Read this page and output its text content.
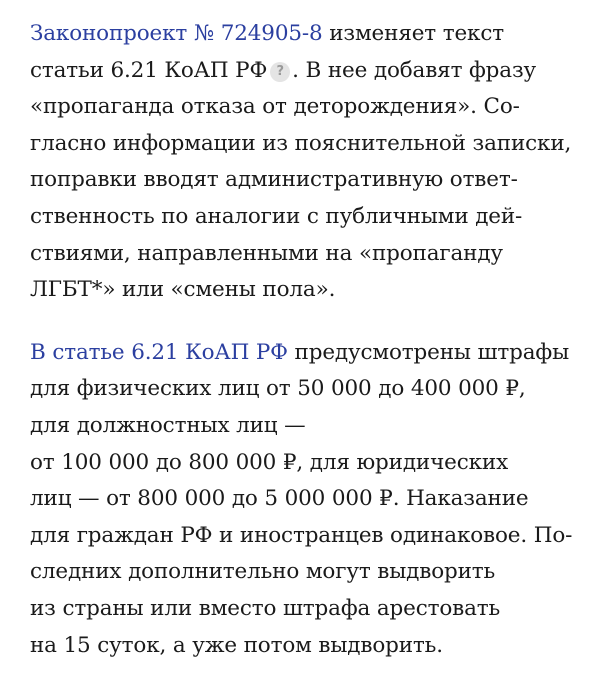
Законопроект № 724905-8 изменяет текст
статьи 6.21 КоАП РФ ? . В нее добавят фразу
«пропаганда отказа от деторождения». Со-
гласно информации из пояснительной записки,
поправки вводят административную ответ-
ственность по аналогии с публичными дей-
ствиями, направленными на «пропаганду
ЛГБТ*» или «смены пола».

В статье 6.21 КоАП РФ предусмотрены штрафы
для физических лиц от 50 000 до 400 000 ₽,
для должностных лиц —
от 100 000 до 800 000 ₽, для юридических
лиц — от 800 000 до 5 000 000 ₽. Наказание
для граждан РФ и иностранцев одинаковое. По-
следних дополнительно могут выдворить
из страны или вместо штрафа арестовать
на 15 суток, а уже потом выдворить.
